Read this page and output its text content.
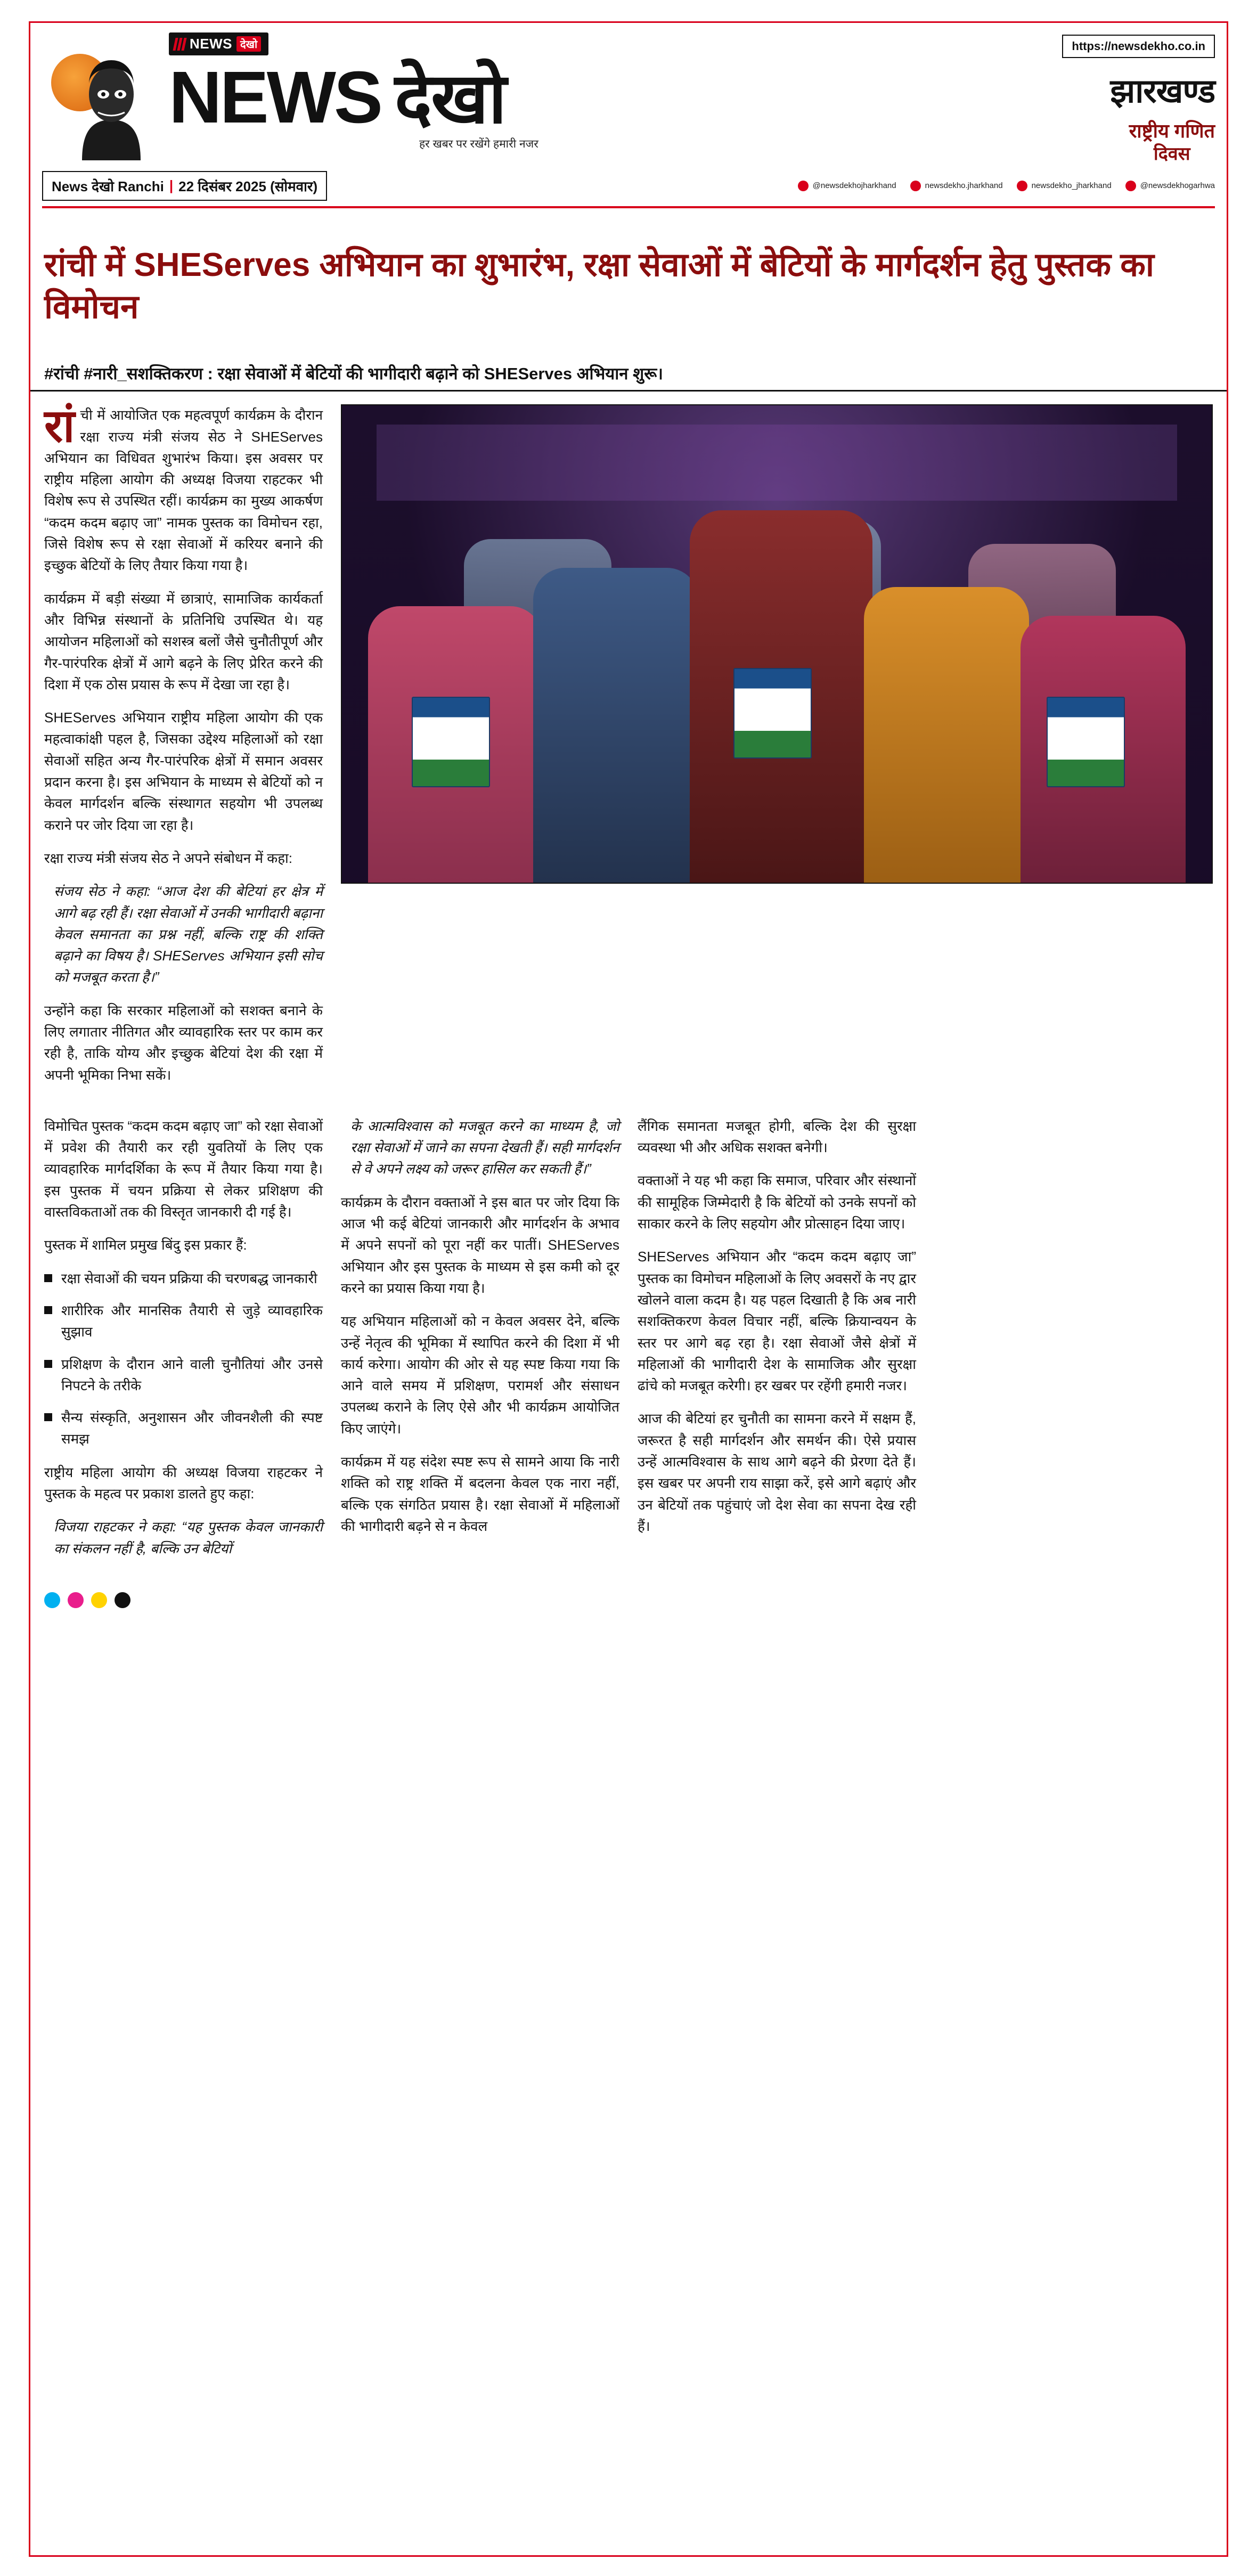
NEWS देखो
NEWS देखो
हर खबर पर रखेंगे हमारी नजर
https://newsdekho.co.in
झारखण्ड
राष्ट्रीय गणित
दिवस
News देखो Ranchi | 22 दिसंबर 2025 (सोमवार)	@newsdekhojharkhand	newsdekho.jharkhand	newsdekho_jharkhand	@newsdekhogarhwa
रांची में SHEServes अभियान का शुभारंभ, रक्षा सेवाओं में बेटियों के मार्गदर्शन हेतु पुस्तक का विमोचन
#रांची #नारी_सशक्तिकरण : रक्षा सेवाओं में बेटियों की भागीदारी बढ़ाने को SHEServes अभियान शुरू।

रांची में आयोजित एक महत्वपूर्ण कार्यक्रम के दौरान रक्षा राज्य मंत्री संजय सेठ ने SHEServes अभियान का विधिवत शुभारंभ किया। इस अवसर पर राष्ट्रीय महिला आयोग की अध्यक्ष विजया राहटकर भी विशेष रूप से उपस्थित रहीं। कार्यक्रम का मुख्य आकर्षण “कदम कदम बढ़ाए जा” नामक पुस्तक का विमोचन रहा, जिसे विशेष रूप से रक्षा सेवाओं में करियर बनाने की इच्छुक बेटियों के लिए तैयार किया गया है।

कार्यक्रम में बड़ी संख्या में छात्राएं, सामाजिक कार्यकर्ता और विभिन्न संस्थानों के प्रतिनिधि उपस्थित थे। यह आयोजन महिलाओं को सशस्त्र बलों जैसे चुनौतीपूर्ण और गैर-पारंपरिक क्षेत्रों में आगे बढ़ने के लिए प्रेरित करने की दिशा में एक ठोस प्रयास के रूप में देखा जा रहा है।

SHEServes अभियान राष्ट्रीय महिला आयोग की एक महत्वाकांक्षी पहल है, जिसका उद्देश्य महिलाओं को रक्षा सेवाओं सहित अन्य गैर-पारंपरिक क्षेत्रों में समान अवसर प्रदान करना है। इस अभियान के माध्यम से बेटियों को न केवल मार्गदर्शन बल्कि संस्थागत सहयोग भी उपलब्ध कराने पर जोर दिया जा रहा है।

रक्षा राज्य मंत्री संजय सेठ ने अपने संबोधन में कहा:

संजय सेठ ने कहा: “आज देश की बेटियां हर क्षेत्र में आगे बढ़ रही हैं। रक्षा सेवाओं में उनकी भागीदारी बढ़ाना केवल समानता का प्रश्न नहीं, बल्कि राष्ट्र की शक्ति बढ़ाने का विषय है। SHEServes अभियान इसी सोच को मजबूत करता है।”

उन्होंने कहा कि सरकार महिलाओं को सशक्त बनाने के लिए लगातार नीतिगत और व्यावहारिक स्तर पर काम कर रही है, ताकि योग्य और इच्छुक बेटियां देश की रक्षा में अपनी भूमिका निभा सकें।

विमोचित पुस्तक “कदम कदम बढ़ाए जा” को रक्षा सेवाओं में प्रवेश की तैयारी कर रही युवतियों के लिए एक व्यावहारिक मार्गदर्शिका के रूप में तैयार किया गया है। इस पुस्तक में चयन प्रक्रिया से लेकर प्रशिक्षण की वास्तविकताओं तक की विस्तृत जानकारी दी गई है।

पुस्तक में शामिल प्रमुख बिंदु इस प्रकार हैं:

रक्षा सेवाओं की चयन प्रक्रिया की चरणबद्ध जानकारी
शारीरिक और मानसिक तैयारी से जुड़े व्यावहारिक सुझाव
प्रशिक्षण के दौरान आने वाली चुनौतियां और उनसे निपटने के तरीके
सैन्य संस्कृति, अनुशासन और जीवनशैली की स्पष्ट समझ

राष्ट्रीय महिला आयोग की अध्यक्ष विजया राहटकर ने पुस्तक के महत्व पर प्रकाश डालते हुए कहा:

विजया राहटकर ने कहा: “यह पुस्तक केवल जानकारी का संकलन नहीं है, बल्कि उन बेटियों

के आत्मविश्वास को मजबूत करने का माध्यम है, जो रक्षा सेवाओं में जाने का सपना देखती हैं। सही मार्गदर्शन से वे अपने लक्ष्य को जरूर हासिल कर सकती हैं।”

कार्यक्रम के दौरान वक्ताओं ने इस बात पर जोर दिया कि आज भी कई बेटियां जानकारी और मार्गदर्शन के अभाव में अपने सपनों को पूरा नहीं कर पातीं। SHEServes अभियान और इस पुस्तक के माध्यम से इस कमी को दूर करने का प्रयास किया गया है।

यह अभियान महिलाओं को न केवल अवसर देने, बल्कि उन्हें नेतृत्व की भूमिका में स्थापित करने की दिशा में भी कार्य करेगा। आयोग की ओर से यह स्पष्ट किया गया कि आने वाले समय में प्रशिक्षण, परामर्श और संसाधन उपलब्ध कराने के लिए ऐसे और भी कार्यक्रम आयोजित किए जाएंगे।

कार्यक्रम में यह संदेश स्पष्ट रूप से सामने आया कि नारी शक्ति को राष्ट्र शक्ति में बदलना केवल एक नारा नहीं, बल्कि एक संगठित प्रयास है। रक्षा सेवाओं में महिलाओं की भागीदारी बढ़ने से न केवल

लैंगिक समानता मजबूत होगी, बल्कि देश की सुरक्षा व्यवस्था भी और अधिक सशक्त बनेगी।

वक्ताओं ने यह भी कहा कि समाज, परिवार और संस्थानों की सामूहिक जिम्मेदारी है कि बेटियों को उनके सपनों को साकार करने के लिए सहयोग और प्रोत्साहन दिया जाए।

SHEServes अभियान और “कदम कदम बढ़ाए जा” पुस्तक का विमोचन महिलाओं के लिए अवसरों के नए द्वार खोलने वाला कदम है। यह पहल दिखाती है कि अब नारी सशक्तिकरण केवल विचार नहीं, बल्कि क्रियान्वयन के स्तर पर आगे बढ़ रहा है। रक्षा सेवाओं जैसे क्षेत्रों में महिलाओं की भागीदारी देश के सामाजिक और सुरक्षा ढांचे को मजबूत करेगी। हर खबर पर रहेंगी हमारी नजर।

आज की बेटियां हर चुनौती का सामना करने में सक्षम हैं, जरूरत है सही मार्गदर्शन और समर्थन की। ऐसे प्रयास उन्हें आत्मविश्वास के साथ आगे बढ़ने की प्रेरणा देते हैं। इस खबर पर अपनी राय साझा करें, इसे आगे बढ़ाएं और उन बेटियों तक पहुंचाएं जो देश सेवा का सपना देख रही हैं।
